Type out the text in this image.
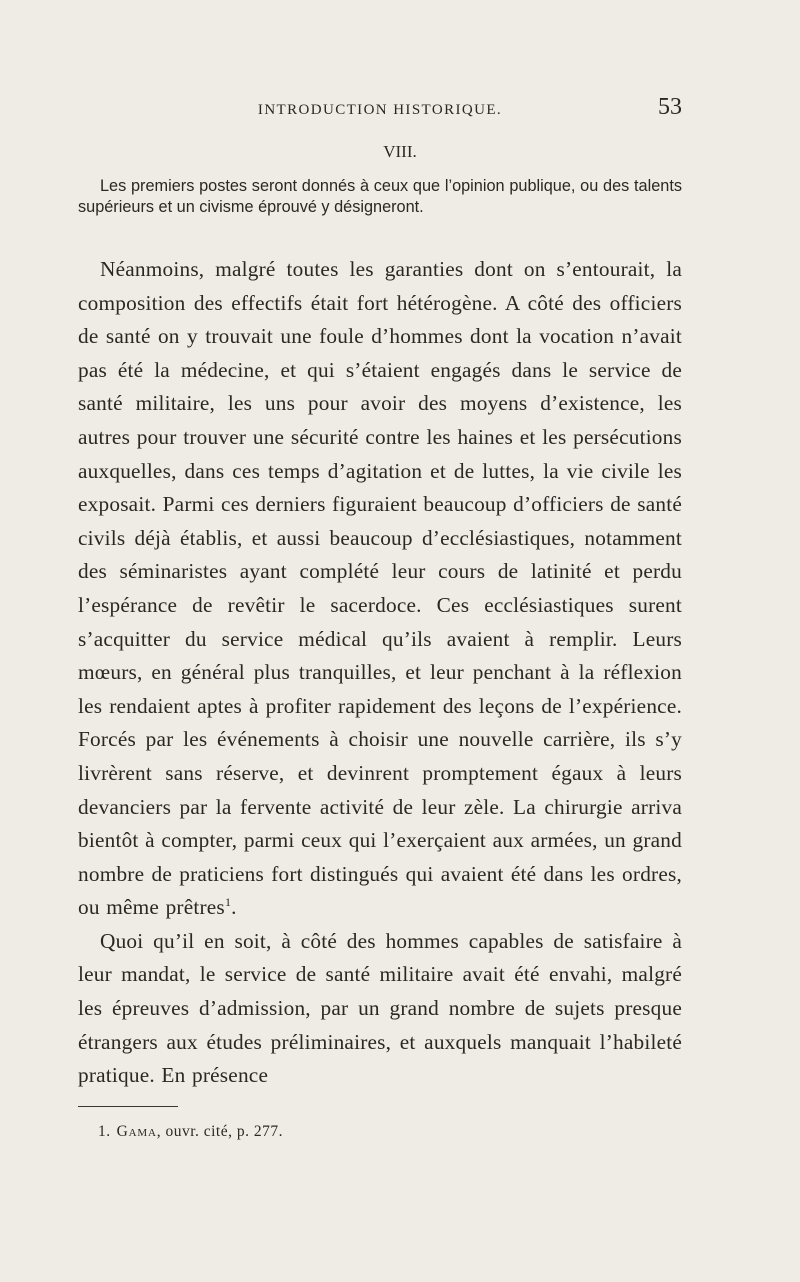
INTRODUCTION HISTORIQUE.	53
VIII.

Les premiers postes seront donnés à ceux que l’opinion publique, ou des talents supérieurs et un civisme éprouvé y désigneront.

Néanmoins, malgré toutes les garanties dont on s’entourait, la composition des effectifs était fort hétérogène. A côté des officiers de santé on y trouvait une foule d’hommes dont la vocation n’avait pas été la médecine, et qui s’étaient engagés dans le service de santé militaire, les uns pour avoir des moyens d’existence, les autres pour trouver une sécurité contre les haines et les persécutions auxquelles, dans ces temps d’agitation et de luttes, la vie civile les exposait. Parmi ces derniers figuraient beaucoup d’officiers de santé civils déjà établis, et aussi beaucoup d’ecclésiastiques, notamment des séminaristes ayant complété leur cours de latinité et perdu l’espérance de revêtir le sacerdoce. Ces ecclésiastiques surent s’acquitter du service médical qu’ils avaient à remplir. Leurs mœurs, en général plus tranquilles, et leur penchant à la réflexion les rendaient aptes à profiter rapidement des leçons de l’expérience. Forcés par les événements à choisir une nouvelle carrière, ils s’y livrèrent sans réserve, et devinrent promptement égaux à leurs devanciers par la fervente activité de leur zèle. La chirurgie arriva bientôt à compter, parmi ceux qui l’exerçaient aux armées, un grand nombre de praticiens fort distingués qui avaient été dans les ordres, ou même prêtres$^1$.

Quoi qu’il en soit, à côté des hommes capables de satisfaire à leur mandat, le service de santé militaire avait été envahi, malgré les épreuves d’admission, par un grand nombre de sujets presque étrangers aux études préliminaires, et auxquels manquait l’habileté pratique. En présence

1. Gama, ouvr. cité, p. 277.
